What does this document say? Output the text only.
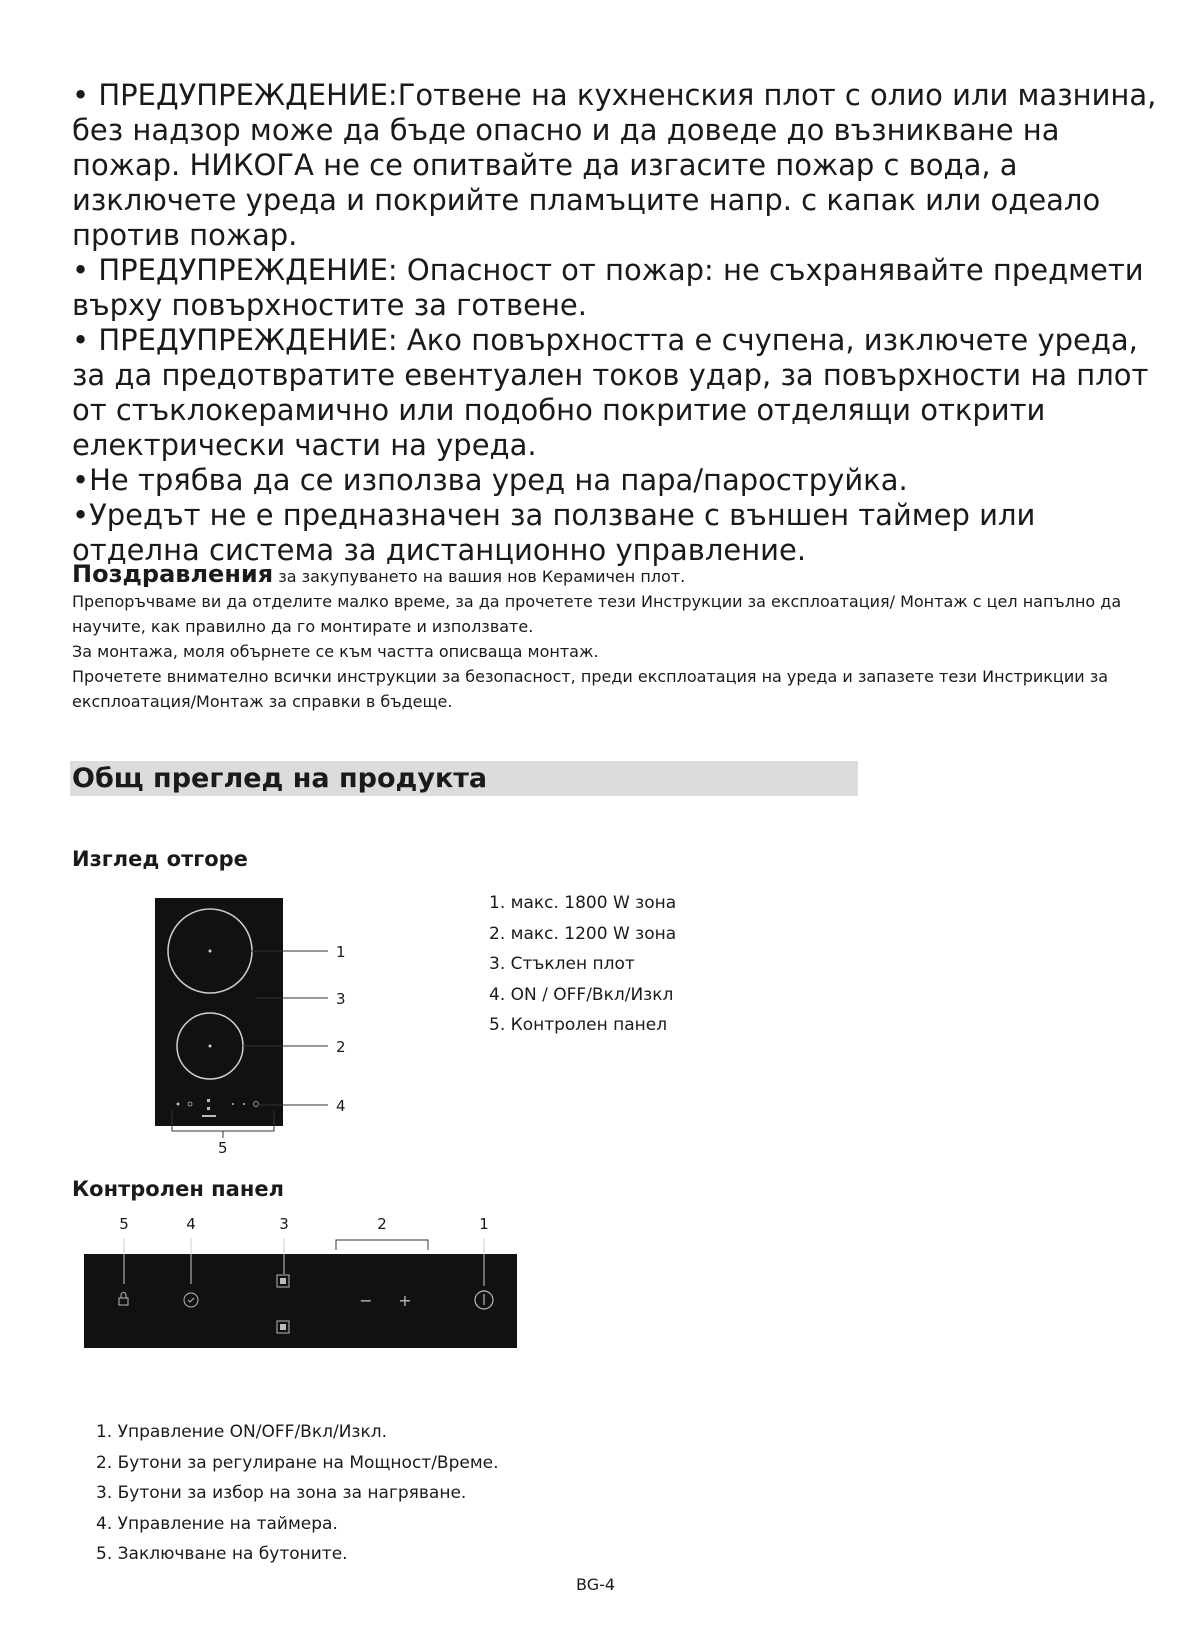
• ПРЕДУПРЕЖДЕНИЕ:Готвене на кухненския плот с олио или мазнина, без надзор може да бъде опасно и да доведе до възникване на пожар. НИКОГА не се опитвайте да изгасите пожар с вода, а изключете уреда и покрийте пламъците напр. с капак или одеало против пожар.

• ПРЕДУПРЕЖДЕНИЕ: Опасност от пожар: не съхранявайте предмети върху повърхностите за готвене.

• ПРЕДУПРЕЖДЕНИЕ: Ако повърхността е счупена, изключете уреда, за да предотвратите евентуален токов удар, за повърхности на плот от стъклокерамично или подобно покритие отделящи открити електрически части на уреда.

•Не трябва да се използва уред на пара/пароструйка.

•Уредът не е предназначен за ползване с външен таймер или отделна система за дистанционно управление.

Поздравления за закупуването на вашия нов Керамичен плот.

Препоръчваме ви да отделите малко време, за да прочетете тези Инструкции за експлоатация/ Монтаж с цел напълно да научите, как правилно да го монтирате и използвате.

За монтажа, моля обърнете се към частта описваща монтаж.

Прочетете внимателно всички инструкции за безопасност, преди експлоатация на уреда и запазете тези Инстрикции за експлоатация/Монтаж за справки в бъдеще.

Общ преглед на продукта
Изглед отгоре
1
3
2
4
5
1. макс. 1800 W зона
2. макс. 1200 W зона
3. Стъклен плот
4. ON / OFF/Вкл/Изкл
5. Контролен панел
Контролен панел
5	4	3	2	1
− +
1. Управление ON/OFF/Вкл/Изкл.
2. Бутони за регулиране на Мощност/Време.
3. Бутони за избор на зона за нагряване.
4. Управление на таймера.
5. Заключване на бутоните.
BG-4
